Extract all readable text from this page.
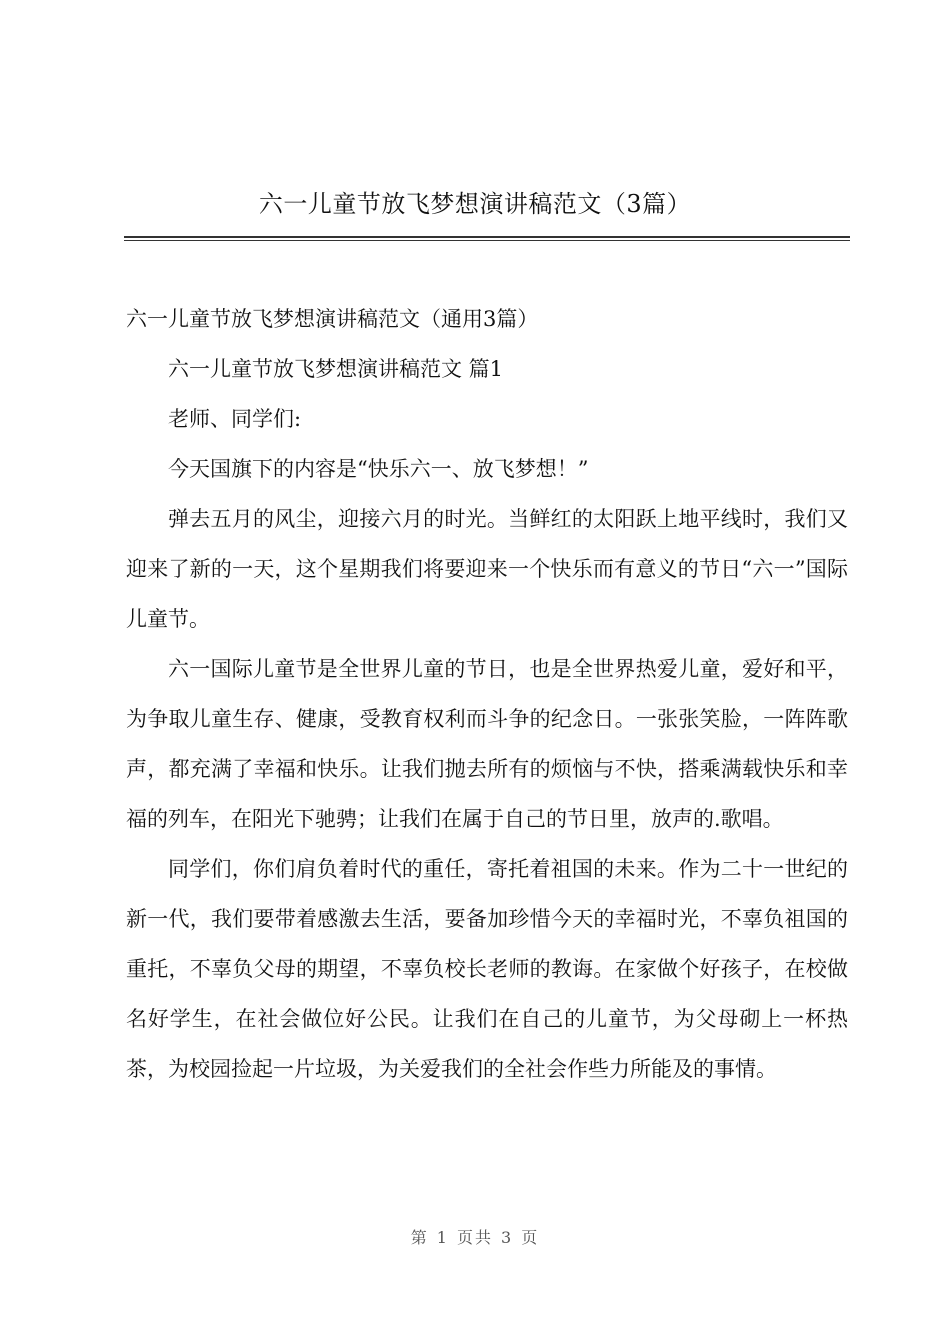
六一儿童节放飞梦想演讲稿范文（3篇）

六一儿童节放飞梦想演讲稿范文（通用3篇）

六一儿童节放飞梦想演讲稿范文 篇1

老师、同学们:

今天国旗下的内容是“快乐六一、放飞梦想！”

弹去五月的风尘，迎接六月的时光。当鲜红的太阳跃上地平线时，我们又迎来了新的一天，这个星期我们将要迎来一个快乐而有意义的节日“六一”国际儿童节。

六一国际儿童节是全世界儿童的节日，也是全世界热爱儿童，爱好和平，为争取儿童生存、健康，受教育权利而斗争的纪念日。一张张笑脸，一阵阵歌声，都充满了幸福和快乐。让我们抛去所有的烦恼与不快，搭乘满载快乐和幸福的列车，在阳光下驰骋；让我们在属于自己的节日里，放声的.歌唱。

同学们，你们肩负着时代的重任，寄托着祖国的未来。作为二十一世纪的新一代，我们要带着感激去生活，要备加珍惜今天的幸福时光，不辜负祖国的重托，不辜负父母的期望，不辜负校长老师的教诲。在家做个好孩子，在校做名好学生，在社会做位好公民。让我们在自己的儿童节，为父母砌上一杯热茶，为校园捡起一片垃圾，为关爱我们的全社会作些力所能及的事情。

第 1 页共 3 页
